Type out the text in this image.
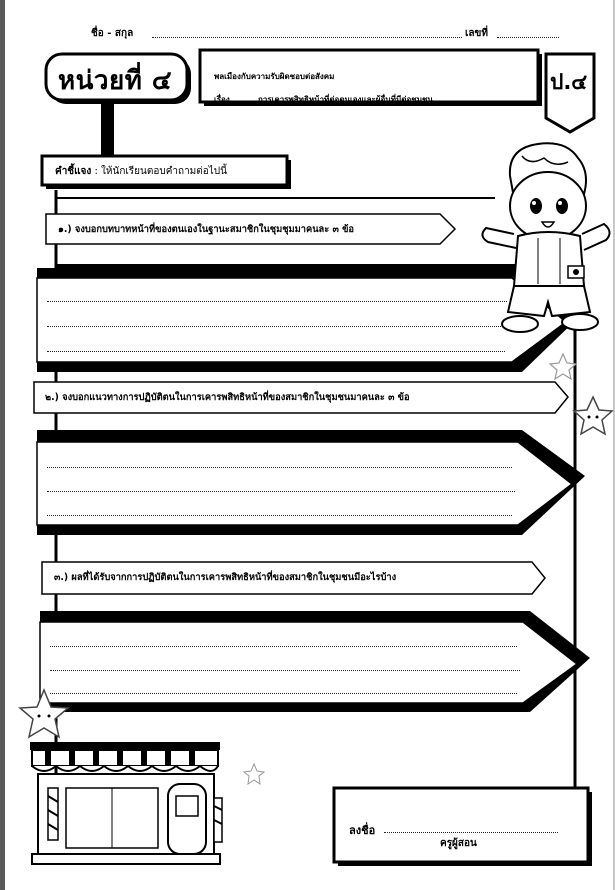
ชื่อ - สกุล	เลขที่
หน่วยที่ ๔	พลเมืองกับความรับผิดชอบต่อสังคม
เรื่อง	การเคารพสิทธิหน้าที่ต่อตนเองและผู้อื่นที่มีต่อชุมชน
ป.๔
คำชี้แจง : ให้นักเรียนตอบคำถามต่อไปนี้
๑.) จงบอกบทบาทหน้าที่ของตนเองในฐานะสมาชิกในชุมชุมมาคนละ ๓ ข้อ
๒.) จงบอกแนวทางการปฏิบัติตนในการเคารพสิทธิหน้าที่ของสมาชิกในชุมชนมาคนละ ๓ ข้อ
๓.) ผลที่ได้รับจากการปฏิบัติตนในการเคารพสิทธิหน้าที่ของสมาชิกในชุมชนมีอะไรบ้าง
ลงชื่อ
ครูผู้สอน
